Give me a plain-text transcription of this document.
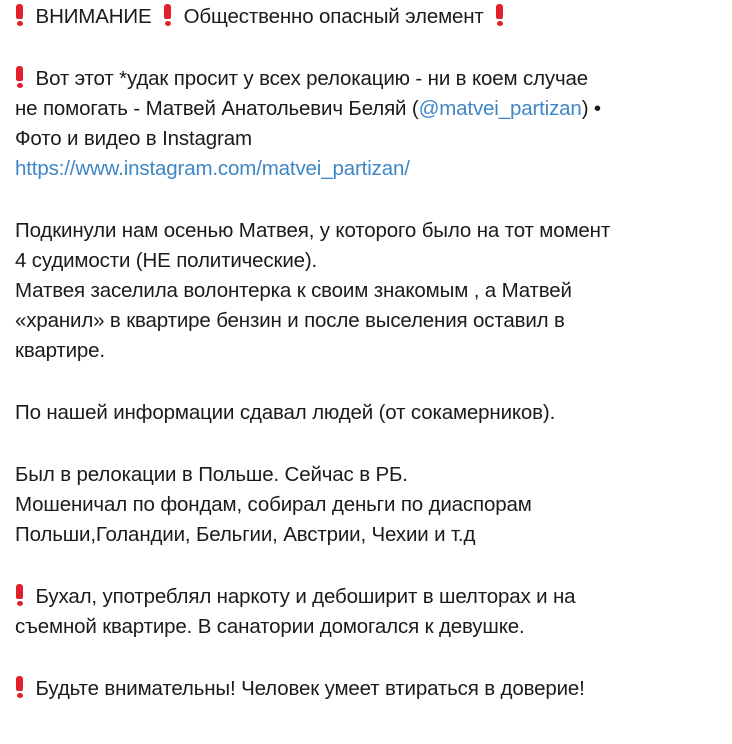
ВНИМАНИЕ Общественно опасный элемент
Вот этот *удак просит у всех релокацию - ни в коем случае
не помогать - Матвей Анатольевич Беляй (@matvei_partizan) •
Фото и видео в Instagram
https://www.instagram.com/matvei_partizan/
Подкинули нам осенью Матвея, у которого было на тот момент
4 судимости (НЕ политические).
Матвея заселила волонтерка к своим знакомым , а Матвей
«хранил» в квартире бензин и после выселения оставил в
квартире.
По нашей информации сдавал людей (от сокамерников).
Был в релокации в Польше. Сейчас в РБ.
Мошеничал по фондам, собирал деньги по диаспорам
Польши,Голандии, Бельгии, Австрии, Чехии и т.д
Бухал, употреблял наркоту и дебоширит в шелторах и на
съемной квартире. В санатории домогался к девушке.
Будьте внимательны! Человек умеет втираться в доверие!
